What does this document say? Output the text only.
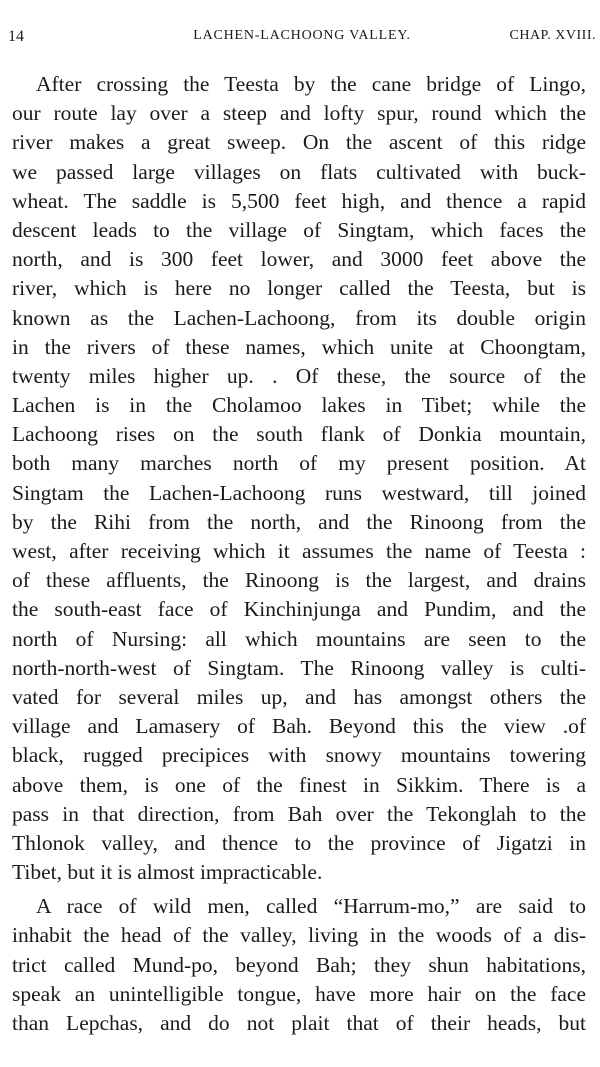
14	LACHEN-LACHOONG VALLEY.	CHAP. XVIII.
After crossing the Teesta by the cane bridge of Lingo,
our route lay over a steep and lofty spur, round which the
river makes a great sweep. On the ascent of this ridge
we passed large villages on flats cultivated with buck-
wheat. The saddle is 5,500 feet high, and thence a rapid
descent leads to the village of Singtam, which faces the
north, and is 300 feet lower, and 3000 feet above the
river, which is here no longer called the Teesta, but is
known as the Lachen-Lachoong, from its double origin
in the rivers of these names, which unite at Choongtam,
twenty miles higher up. . Of these, the source of the
Lachen is in the Cholamoo lakes in Tibet; while the
Lachoong rises on the south flank of Donkia mountain,
both many marches north of my present position. At
Singtam the Lachen-Lachoong runs westward, till joined
by the Rihi from the north, and the Rinoong from the
west, after receiving which it assumes the name of Teesta :
of these affluents, the Rinoong is the largest, and drains
the south-east face of Kinchinjunga and Pundim, and the
north of Nursing: all which mountains are seen to the
north-north-west of Singtam. The Rinoong valley is culti-
vated for several miles up, and has amongst others the
village and Lamasery of Bah. Beyond this the view .of
black, rugged precipices with snowy mountains towering
above them, is one of the finest in Sikkim. There is a
pass in that direction, from Bah over the Tekonglah to the
Thlonok valley, and thence to the province of Jigatzi in
Tibet, but it is almost impracticable.
A race of wild men, called “Harrum-mo,” are said to
inhabit the head of the valley, living in the woods of a dis-
trict called Mund-po, beyond Bah; they shun habitations,
speak an unintelligible tongue, have more hair on the face
than Lepchas, and do not plait that of their heads, but
